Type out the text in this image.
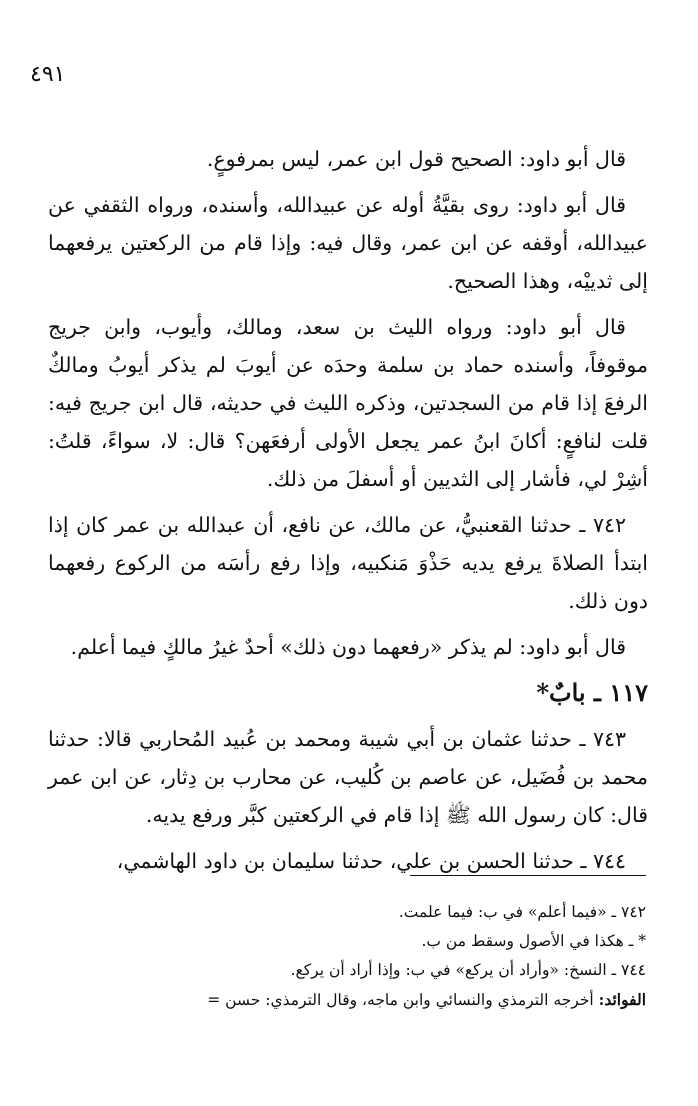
٤٩١

قال أبو داود: الصحيح قول ابن عمر، ليس بمرفوعٍ.

قال أبو داود: روى بقيَّةُ أوله عن عبيدالله، وأسنده، ورواه الثقفي عن عبيدالله، أوقفه عن ابن عمر، وقال فيه: وإذا قام من الركعتين يرفعهما إلى ثدييْه، وهذا الصحيح.

قال أبو داود: ورواه الليث بن سعد، ومالك، وأيوب، وابن جريج موقوفاً، وأسنده حماد بن سلمة وحدَه عن أيوبَ لم يذكر أيوبُ ومالكٌ الرفعَ إذا قام من السجدتين، وذكره الليث في حديثه، قال ابن جريج فيه: قلت لنافعٍ: أكانَ ابنُ عمر يجعل الأولى أرفعَهن؟ قال: لا، سواءً، قلتُ: أشِرْ لي، فأشار إلى الثديين أو أسفلَ من ذلك.

٧٤٢ ـ حدثنا القعنبيُّ، عن مالك، عن نافع، أن عبدالله بن عمر كان إذا ابتدأ الصلاةَ يرفع يديه حَذْوَ مَنكبيه، وإذا رفع رأسَه من الركوع رفعهما دون ذلك.

قال أبو داود: لم يذكر «رفعهما دون ذلك» أحدٌ غيرُ مالكٍ فيما أعلم.

١١٧ ـ بابٌ*

٧٤٣ ـ حدثنا عثمان بن أبي شيبة ومحمد بن عُبيد المُحاربي قالا: حدثنا محمد بن فُضَيل، عن عاصم بن كُليب، عن محارب بن دِثار، عن ابن عمر قال: كان رسول الله ﷺ إذا قام في الركعتين كبَّر ورفع يديه.

٧٤٤ ـ حدثنا الحسن بن علي، حدثنا سليمان بن داود الهاشمي،

٧٤٢ ـ «فيما أعلم» في ب: فيما علمت.
* ـ هكذا في الأصول وسقط من ب.
٧٤٤ ـ النسخ: «وأراد أن يركع» في ب: وإذا أراد أن يركع.
الفوائد: أخرجه الترمذي والنسائي وابن ماجه، وقال الترمذي: حسن =
